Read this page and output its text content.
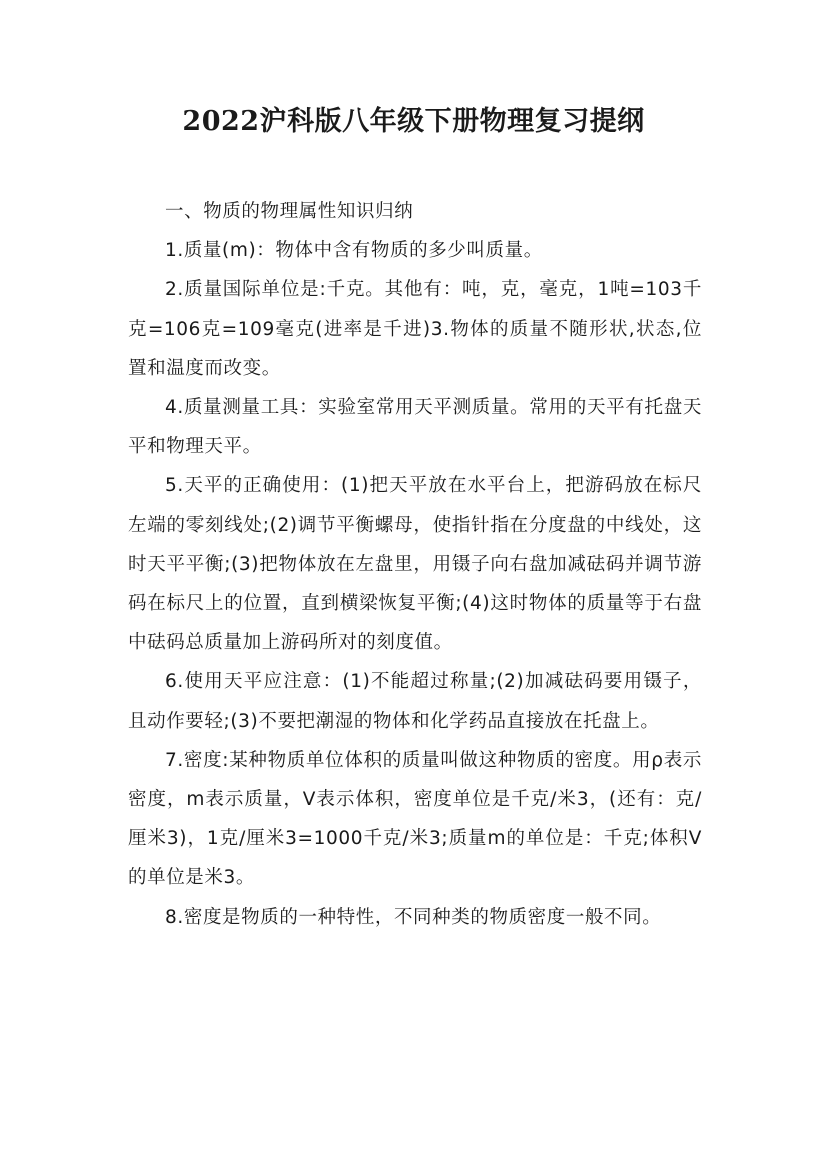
2022沪科版八年级下册物理复习提纲

一、物质的物理属性知识归纳

1.质量(m)：物体中含有物质的多少叫质量。

2.质量国际单位是:千克。其他有：吨，克，毫克，1吨=103千克=106克=109毫克(进率是千进)3.物体的质量不随形状,状态,位置和温度而改变。

4.质量测量工具：实验室常用天平测质量。常用的天平有托盘天平和物理天平。

5.天平的正确使用：(1)把天平放在水平台上，把游码放在标尺左端的零刻线处;(2)调节平衡螺母，使指针指在分度盘的中线处，这时天平平衡;(3)把物体放在左盘里，用镊子向右盘加减砝码并调节游码在标尺上的位置，直到横梁恢复平衡;(4)这时物体的质量等于右盘中砝码总质量加上游码所对的刻度值。

6.使用天平应注意：(1)不能超过称量;(2)加减砝码要用镊子，且动作要轻;(3)不要把潮湿的物体和化学药品直接放在托盘上。

7.密度:某种物质单位体积的质量叫做这种物质的密度。用ρ表示密度，m表示质量，V表示体积，密度单位是千克/米3，(还有：克/厘米3)，1克/厘米3=1000千克/米3;质量m的单位是：千克;体积V的单位是米3。

8.密度是物质的一种特性，不同种类的物质密度一般不同。
